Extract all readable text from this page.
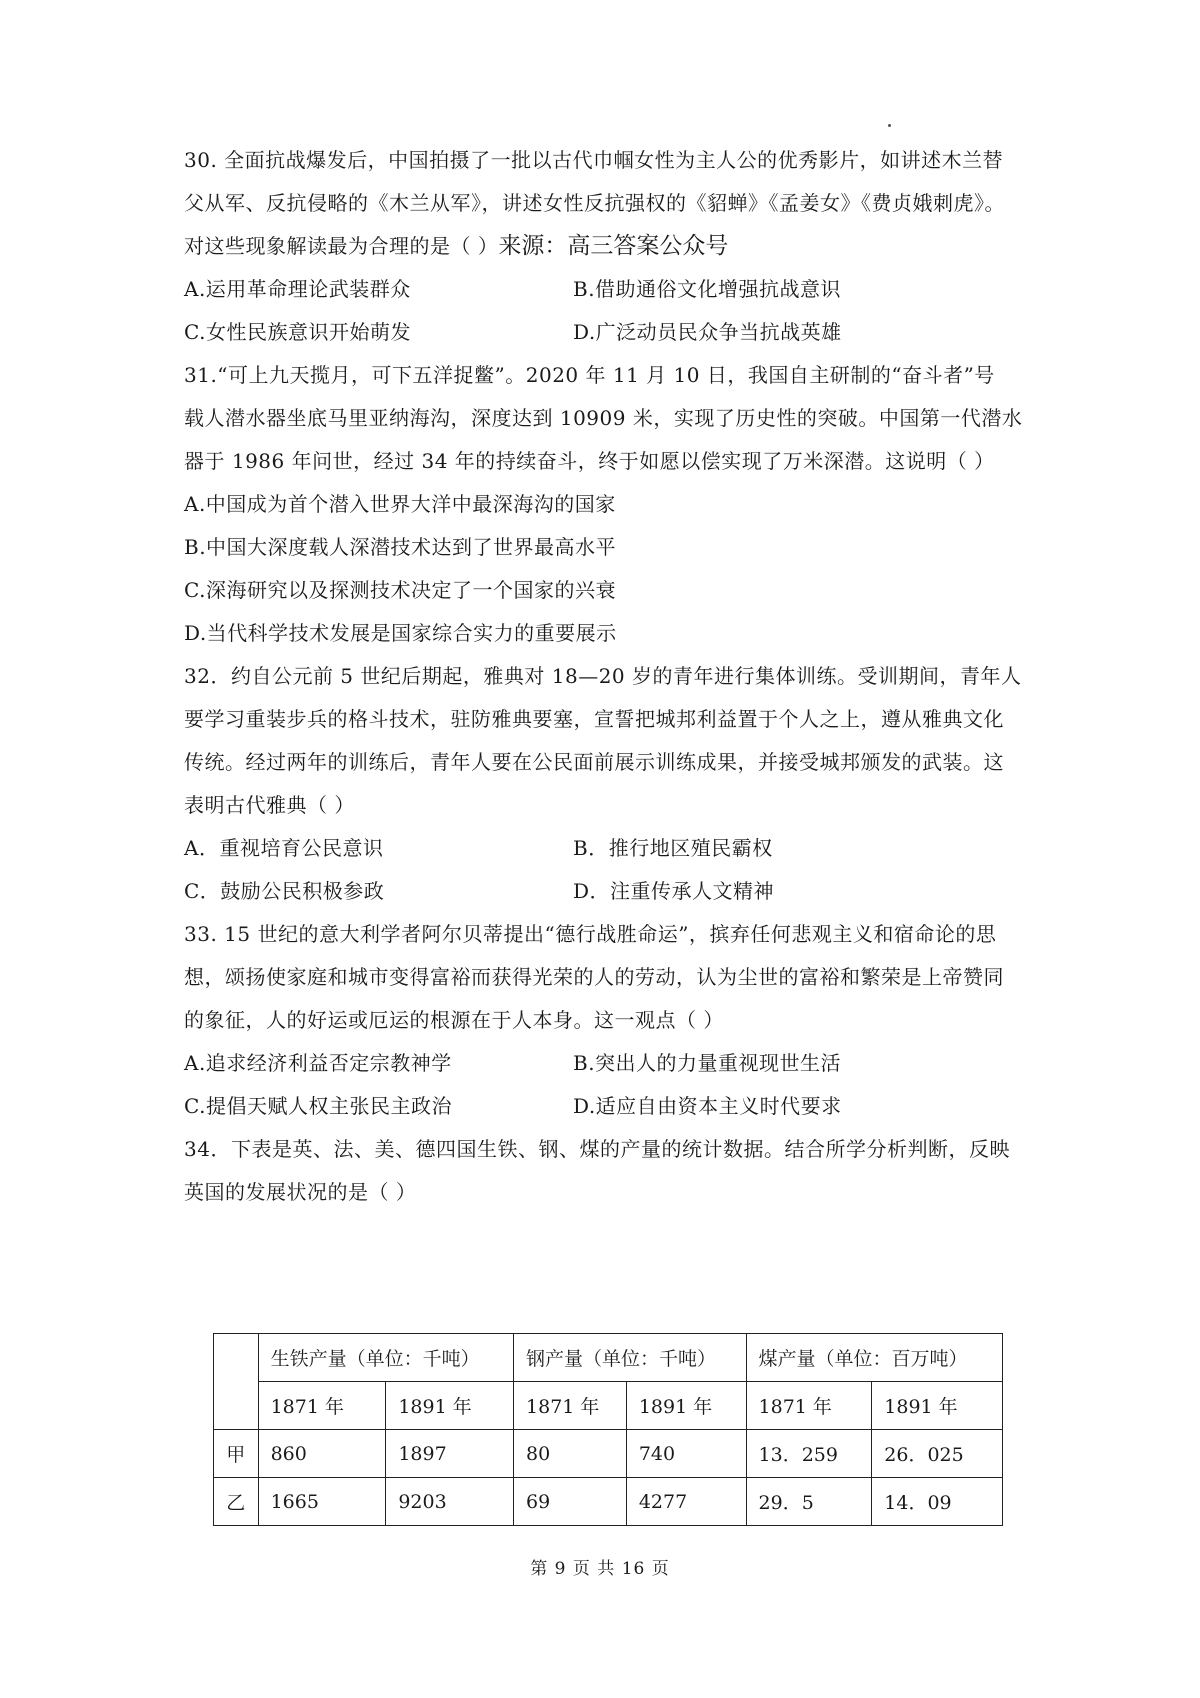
30. 全面抗战爆发后，中国拍摄了一批以古代巾帼女性为主人公的优秀影片，如讲述木兰替
父从军、反抗侵略的《木兰从军》，讲述女性反抗强权的《貂蝉》《孟姜女》《费贞娥刺虎》。
对这些现象解读最为合理的是（ ）来源：高三答案公众号
A.运用革命理论武装群众	B.借助通俗文化增强抗战意识
C.女性民族意识开始萌发	D.广泛动员民众争当抗战英雄
31.“可上九天揽月，可下五洋捉鳖”。2020 年 11 月 10 日，我国自主研制的“奋斗者”号
载人潜水器坐底马里亚纳海沟，深度达到 10909 米，实现了历史性的突破。中国第一代潜水
器于 1986 年问世，经过 34 年的持续奋斗，终于如愿以偿实现了万米深潜。这说明（ ）
A.中国成为首个潜入世界大洋中最深海沟的国家
B.中国大深度载人深潜技术达到了世界最高水平
C.深海研究以及探测技术决定了一个国家的兴衰
D.当代科学技术发展是国家综合实力的重要展示
32．约自公元前 5 世纪后期起，雅典对 18—20 岁的青年进行集体训练。受训期间，青年人
要学习重装步兵的格斗技术，驻防雅典要塞，宣誓把城邦利益置于个人之上，遵从雅典文化
传统。经过两年的训练后，青年人要在公民面前展示训练成果，并接受城邦颁发的武装。这
表明古代雅典（ ）
A．重视培育公民意识	B．推行地区殖民霸权
C．鼓励公民积极参政	D．注重传承人文精神
33. 15 世纪的意大利学者阿尔贝蒂提出“德行战胜命运”，摈弃任何悲观主义和宿命论的思
想，颂扬使家庭和城市变得富裕而获得光荣的人的劳动，认为尘世的富裕和繁荣是上帝赞同
的象征，人的好运或厄运的根源在于人本身。这一观点（ ）
A.追求经济利益否定宗教神学	B.突出人的力量重视现世生活
C.提倡天赋人权主张民主政治	D.适应自由资本主义时代要求
34．下表是英、法、美、德四国生铁、钢、煤的产量的统计数据。结合所学分析判断，反映
英国的发展状况的是（ ）
	生铁产量（单位：千吨）		钢产量（单位：千吨）		煤产量（单位：百万吨）	
	1871 年	1891 年	1871 年	1891 年	1871 年	1891 年
甲	860	1897	80	740	13．259	26．025
乙	1665	9203	69	4277	29．5	14．09
第 9 页 共 16 页
